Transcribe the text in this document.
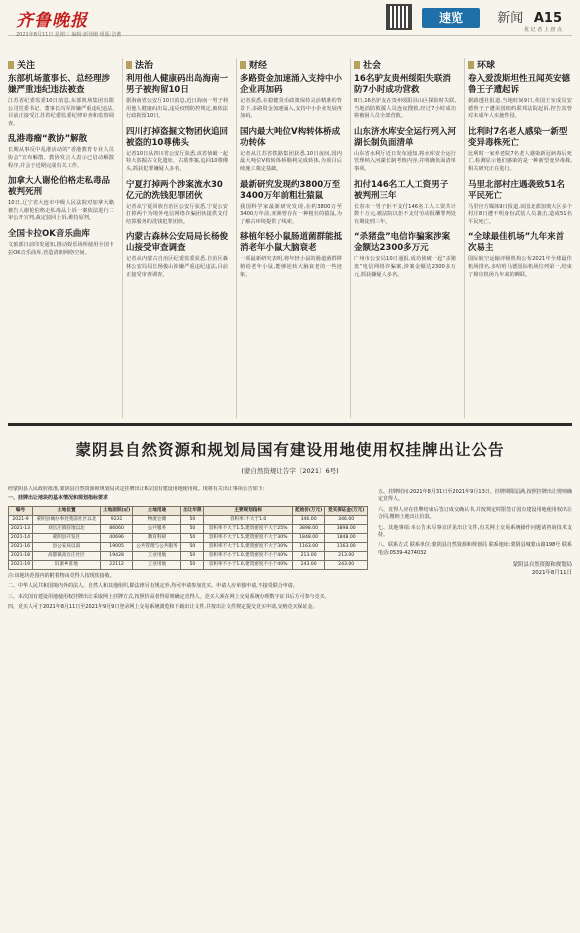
齐鲁晚报
2021年8月11日 星期三 编辑:新伟刚 组版:洁蓄
速览	新闻 A15
优 记 者 上 唐 点
关注
东部机场董事长、总经理涉嫌严重违纪违法被查
江苏省纪委监委10日消息,东部机场集团有限公司党委书记、董事长冯军涉嫌严重违纪违法,目前正接受江苏省纪委监委纪律审查和监察调查。
乱港毒瘤“教协”解散
长期从事反中乱港活动的“香港教育专业人员协会”宣布解散。教协发言人表示已启动解散程序,并会于近期完成有关工作。
加拿大人谢伦伯格走私毒品被判死刑
10日,辽宁省大连市中级人民法院对加拿大籍被告人谢伦伯格走私毒品上诉一案依法进行二审公开宣判,裁定驳回上诉,维持原判。
全国卡拉OK音乐曲库
文旅部日前印发通知,推动娱乐场所使用全国卡拉OK音乐曲库,营造清朗网络空间。
法治
利用他人健康码出岛海南一男子被拘留10日
据海南省公安厅10日消息,近日海南一男子利用他人健康码出岛,违反疫情防控规定,被依法行政拘留10日。
四川打掉盗掘文物团伙追回被盗的10尊佛头
记者10日从四川省公安厅获悉,该省侦破一起特大盗掘古文化遗址、古墓葬案,追回10尊佛头,抓获犯罪嫌疑人多名。
宁夏打掉两个涉案流水30亿元的洗钱犯罪团伙
记者从宁夏回族自治区公安厅获悉,宁夏公安打掉两个为境外电信网络诈骗团伙提供支付结算服务的洗钱犯罪团伙。
内蒙古森林公安局局长杨俊山接受审查调查
记者从内蒙古自治区纪委监委获悉,自治区森林公安局局长杨俊山涉嫌严重违纪违法,目前正接受审查调查。
财经
多路资金加速涌入支持中小企业再加码
记者获悉,在稳健货币政策保持灵活精准的背景下,多路资金加速涌入,支持中小企业发展再加码。
国内最大吨位V构转体桥成功转体
记者从江苏省铁路集团获悉,10日夜间,国内最大吨位V构转体桥顺利完成转体,为项目后续施工奠定基础。
最新研究发现约3800万至3400万年前粗壮猿鼠
我国科学家最新研究发现,在约3800万至3400万年前,亚洲曾存在一种粗壮的猿鼠,为了解古环境提供了线索。
移植年轻小鼠肠道菌群能抵消老年小鼠大脑衰老
一项最新研究表明,将年轻小鼠的肠道菌群移植给老年小鼠,能够逆转大脑衰老的一些迹象。
社会
16名驴友贵州绥阳失联消防7小时成功营救
8日,16名驴友在贵州绥阳县山区探险时失联,当地消防救援人员连夜搜救,经过7小时成功将被困人员全部营救。
山东济水库安全运行列入河湖长制负面清单
山东省水利厅近日发布通知,将水库安全运行管理纳入河湖长制考核内容,并明确负面清单事项。
扣付146名工人工资男子被判刑三年
长春市一男子拒不支付146名工人工资共计数十万元,被法院以拒不支付劳动报酬罪判处有期徒刑三年。
“杀猪盘”电信诈骗案涉案金额达2300多万元
广州市公安局10日通报,成功侦破一起“杀猪盘”电信网络诈骗案,涉案金额达2300多万元,抓获嫌疑人多名。
环球
卷入爱泼斯坦性丑闻英安德鲁王子遭起诉
据路透社报道,当地时间9日,英国王室成员安德鲁王子遭美国纽约联邦法院起诉,控告其曾对未成年人实施性侵。
比利时7名老人感染一新型变异毒株死亡
比利时一家养老院7名老人感染新冠病毒后死亡,检测显示他们感染的是一种新型变异毒株,相关研究正在进行。
马里北部村庄遇袭致51名平民死亡
马里官方媒体9日报道,该国北部加奥大区多个村庄8日遭不明身份武装人员袭击,造成51名平民死亡。
“全球最佳机场”九年来首次易主
国际航空运输评级机构公布2021年全球最佳机场排名,多哈哈马德国际机场位列第一,结束了樟宜机场九年来的蝉联。
蒙阴县自然资源和规划局国有建设用地使用权挂牌出让公告
(蒙自然资规让告字〔2021〕6号)
经蒙阴县人民政府批准,蒙阴县自然资源和规划局决定挂牌出让6宗国有建设用地使用权。现将有关出让事项公告如下:
一、挂牌出让地块的基本情况和规划指标要求
编号	土地位置	土地面积(㎡)	土地用途	出让年限	主要规划指标	起始价(万元)	竞买保证金(万元)
2021-9	蒙阴县城办事处苑前社区以北	9231	物流仓储	50	容积率:不大于1.0	346.00	346.00
2021-13	刘官庄镇驻地以北	86060	公共服务	50	容积率不大于1.5,建筑密度不大于25%	3898.00	3898.00
2021-14	蒙阴县开发区	40696	教育科研	50	容积率不大于1.5,建筑密度不大于30%	1848.00	1848.00
2021-16	县公安局以南	19005	公共管理与公共服务	50	容积率不大于1.5,建筑密度不大于30%	1163.00	1163.00
2021-18	高都镇高官庄社区	19428	工业用地	50	容积率不小于1.0,建筑密度不小于40%	213.00	213.00
2021-19	旧寨乡驻地	22112	工业用地	50	容积率不小于1.0,建筑密度不小于40%	243.00	243.00
注:该地块范围内的附着物由竞得人按现状接收。
二、中华人民共和国境内外的法人、自然人和其他组织,除法律另有规定外,均可申请参加竞买。申请人应单独申请,不接受联合申请。
三、本次国有建设用地使用权挂牌出让采取网上挂牌方式,按照价高者得原则确定竞得人。竞买人须在网上交易系统办理数字证书后方可参与竞买。
四、竞买人可于2021年8月11日至2021年9月9日登录网上交易系统浏览和下载出让文件,并按出让文件规定提交竞买申请,交纳竞买保证金。
五、挂牌时间:2021年8月31日至2021年9月13日。挂牌期限届满,按照挂牌出让规则确定竞得人。
六、竞得人应在挂牌结束后签订成交确认书,并按规定时限签订国有建设用地使用权出让合同,缴纳土地出让价款。
七、其他事项:本公告未尽事宜详见出让文件,有关网上交易系统操作问题请咨询技术支持。
八、联系方式 联系单位:蒙阴县自然资源和规划局 联系地址:蒙阴县城蒙山路198号 联系电话:0539-4274032
蒙阴县自然资源和规划局
2021年8月11日
